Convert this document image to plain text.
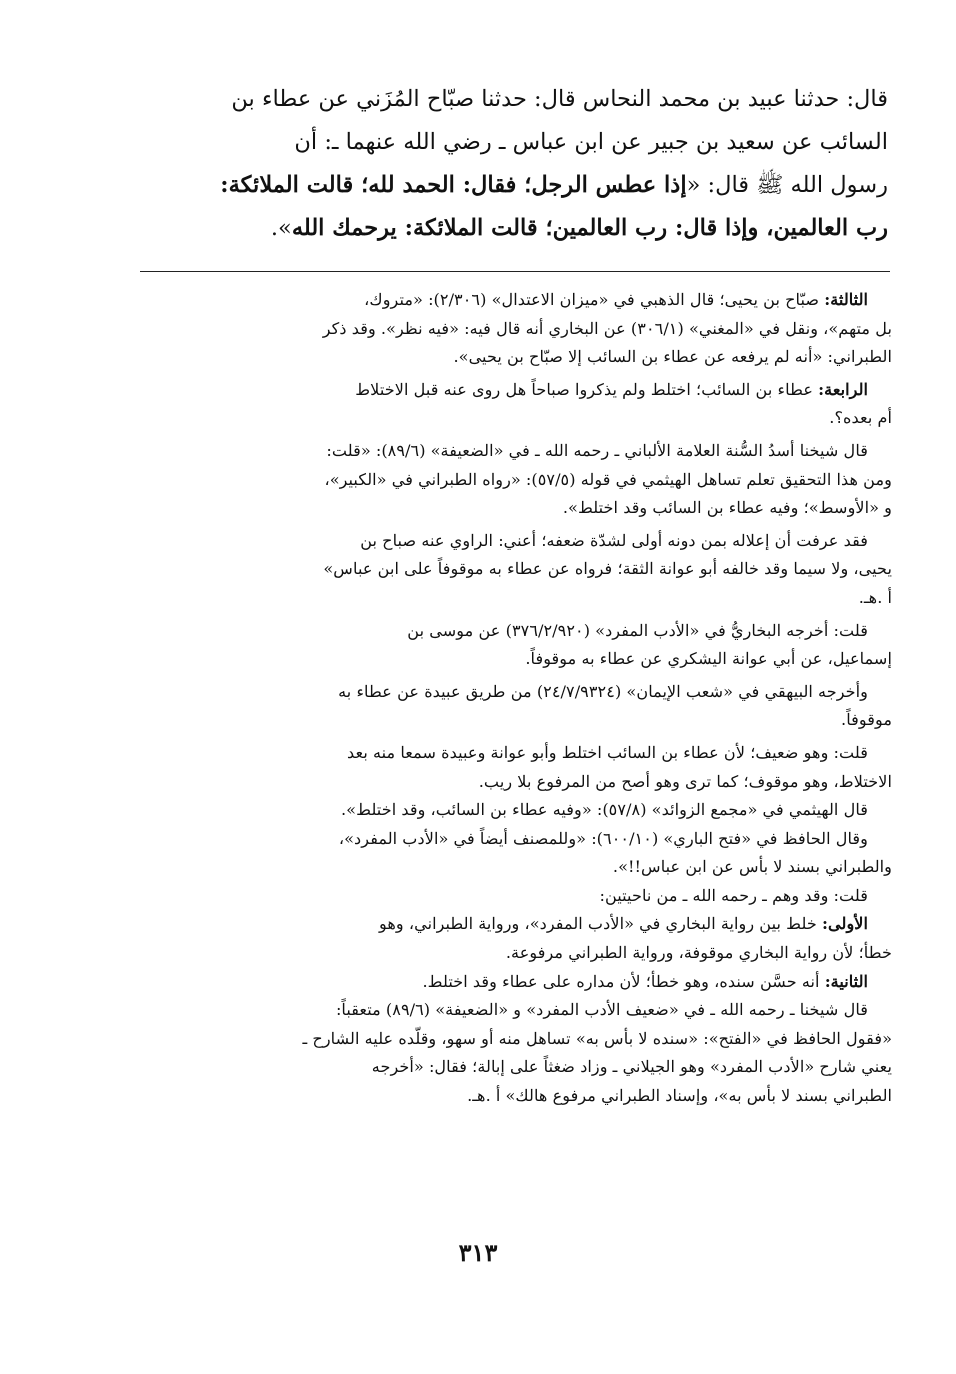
قال: حدثنا عبيد بن محمد النحاس قال: حدثنا صبّاح المُزَني عن عطاء بن

السائب عن سعيد بن جبير عن ابن عباس ـ رضي الله عنهما ـ: أن

رسول الله ﷺ قال: «إذا عطس الرجل؛ فقال: الحمد لله؛ قالت الملائكة:

رب العالمين، وإذا قال: رب العالمين؛ قالت الملائكة: يرحمك الله».

الثالثة: صبّاح بن يحيى؛ قال الذهبي في «ميزان الاعتدال» (٢/٣٠٦): «متروك،

بل متهم»، ونقل في «المغني» (٣٠٦/١) عن البخاري أنه قال فيه: «فيه نظر». وقد ذكر

الطبراني: «أنه لم يرفعه عن عطاء بن السائب إلا صبّاح بن يحيى».

الرابعة: عطاء بن السائب؛ اختلط ولم يذكروا صباحاً هل روى عنه قبل الاختلاط

أم بعده؟.

قال شيخنا أسدُ السُّنة العلامة الألباني ـ رحمه الله ـ في «الضعيفة» (٨٩/٦): «قلت:

ومن هذا التحقيق تعلم تساهل الهيثمي في قوله (٥٧/٥): «رواه الطبراني في «الكبير»،

و «الأوسط»؛ وفيه عطاء بن السائب وقد اختلط».

فقد عرفت أن إعلاله بمن دونه أولى لشدّة ضعفه؛ أعني: الراوي عنه صباح بن

يحيى، ولا سيما وقد خالفه أبو عوانة الثقة؛ فرواه عن عطاء به موقوفاً على ابن عباس»

أ .هـ.

قلت: أخرجه البخاريُّ في «الأدب المفرد» (٣٧٦/٢/٩٢٠) عن موسى بن

إسماعيل، عن أبي عوانة اليشكري عن عطاء به موقوفاً.

وأخرجه البيهقي في «شعب الإيمان» (٢٤/٧/٩٣٢٤) من طريق عبيدة عن عطاء به

موقوفاً.

قلت: وهو ضعيف؛ لأن عطاء بن السائب اختلط وأبو عوانة وعبيدة سمعا منه بعد

الاختلاط، وهو موقوف؛ كما ترى وهو أصح من المرفوع بلا ريب.

قال الهيثمي في «مجمع الزوائد» (٥٧/٨): «وفيه عطاء بن السائب، وقد اختلط».

وقال الحافظ في «فتح الباري» (٦٠٠/١٠): «وللمصنف أيضاً في «الأدب المفرد»،

والطبراني بسند لا بأس عن ابن عباس!!».

قلت: وقد وهم ـ رحمه الله ـ من ناحيتين:

الأولى: خلط بين رواية البخاري في «الأدب المفرد»، ورواية الطبراني، وهو

خطأ؛ لأن رواية البخاري موقوفة، ورواية الطبراني مرفوعة.

الثانية: أنه حسَّن سنده، وهو خطأ؛ لأن مداره على عطاء وقد اختلط.

قال شيخنا ـ رحمه الله ـ في «ضعيف الأدب المفرد» و «الضعيفة» (٨٩/٦) متعقباً:

«فقول الحافظ في «الفتح»: «سنده لا بأس به» تساهل منه أو سهو، وقلّده عليه الشارح ـ

يعني شارح «الأدب المفرد» وهو الجيلاني ـ وزاد ضغثاً على إبالة؛ فقال: «أخرجه

الطبراني بسند لا بأس به»، وإسناد الطبراني مرفوع هالك» أ .هـ.

٣١٣
